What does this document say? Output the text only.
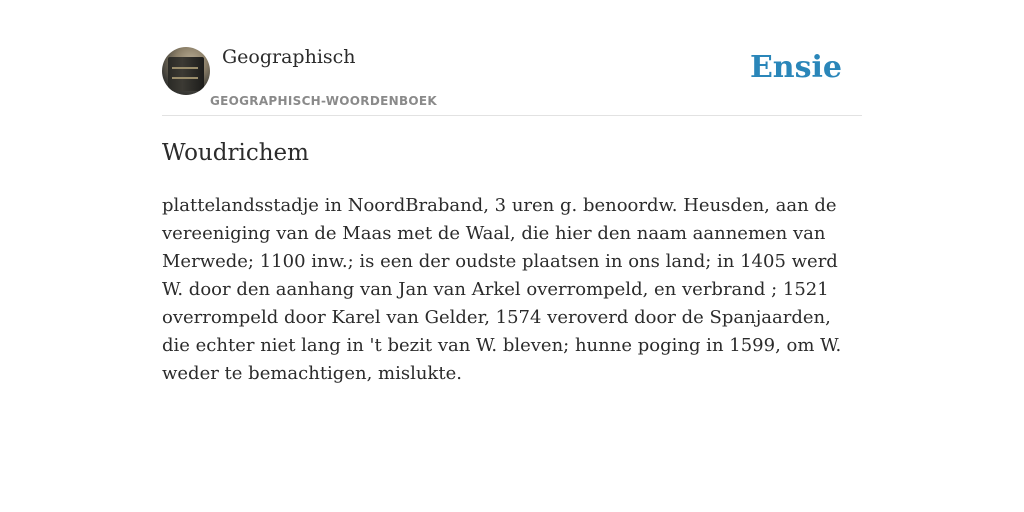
Geographisch
GEOGRAPHISCH-WOORDENBOEK
Ensie
Woudrichem

plattelandsstadje in NoordBraband, 3 uren g. benoordw. Heusden, aan de vereeniging van de Maas met de Waal, die hier den naam aannemen van Merwede; 1100 inw.; is een der oudste plaatsen in ons land; in 1405 werd W. door den aanhang van Jan van Arkel overrompeld, en verbrand ; 1521 overrompeld door Karel van Gelder, 1574 veroverd door de Spanjaarden, die echter niet lang in 't bezit van W. bleven; hunne poging in 1599, om W. weder te bemachtigen, mislukte.
